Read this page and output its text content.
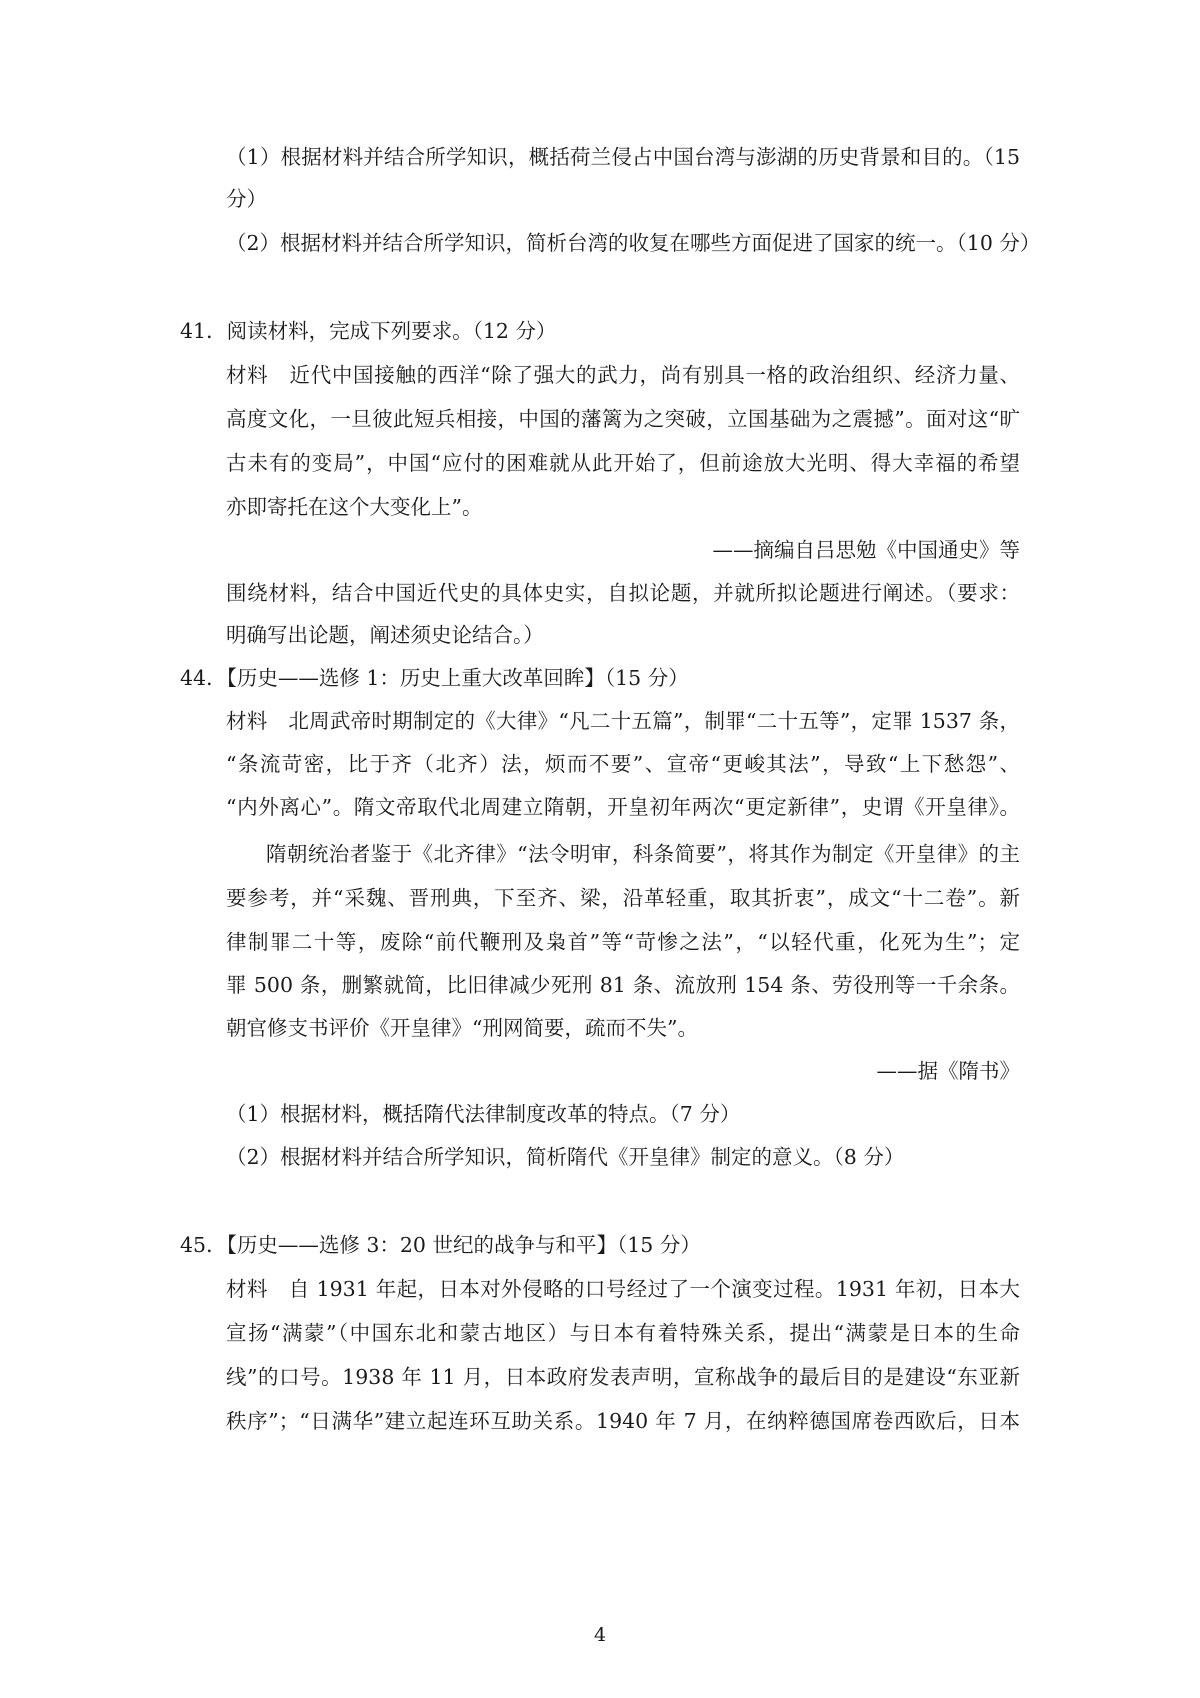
（1）根据材料并结合所学知识，概括荷兰侵占中国台湾与澎湖的历史背景和目的。（15
分）
（2）根据材料并结合所学知识，简析台湾的收复在哪些方面促进了国家的统一。（10 分）
41．阅读材料，完成下列要求。（12 分）
材料　近代中国接触的西洋“除了强大的武力，尚有别具一格的政治组织、经济力量、
高度文化，一旦彼此短兵相接，中国的藩篱为之突破，立国基础为之震撼”。面对这“旷
古未有的变局”，中国“应付的困难就从此开始了，但前途放大光明、得大幸福的希望
亦即寄托在这个大变化上”。
——摘编自吕思勉《中国通史》等
围绕材料，结合中国近代史的具体史实，自拟论题，并就所拟论题进行阐述。（要求：
明确写出论题，阐述须史论结合。）
44．【历史——选修 1：历史上重大改革回眸】（15 分）
材料　北周武帝时期制定的《大律》“凡二十五篇”，制罪“二十五等”，定罪 1537 条，
“条流苛密，比于齐（北齐）法，烦而不要”、宣帝“更峻其法”，导致“上下愁怨”、
“内外离心”。隋文帝取代北周建立隋朝，开皇初年两次“更定新律”，史谓《开皇律》。
隋朝统治者鉴于《北齐律》“法令明审，科条简要”，将其作为制定《开皇律》的主
要参考，并“采魏、晋刑典，下至齐、梁，沿革轻重，取其折衷”，成文“十二卷”。新
律制罪二十等，废除“前代鞭刑及枭首”等“苛惨之法”，“以轻代重，化死为生”；定
罪 500 条，删繁就简，比旧律减少死刑 81 条、流放刑 154 条、劳役刑等一千余条。
朝官修支书评价《开皇律》“刑网简要，疏而不失”。
——据《隋书》
（1）根据材料，概括隋代法律制度改革的特点。（7 分）
（2）根据材料并结合所学知识，简析隋代《开皇律》制定的意义。（8 分）
45．【历史——选修 3：20 世纪的战争与和平】（15 分）
材料　自 1931 年起，日本对外侵略的口号经过了一个演变过程。1931 年初，日本大
宣扬“满蒙”（中国东北和蒙古地区）与日本有着特殊关系，提出“满蒙是日本的生命
线”的口号。1938 年 11 月，日本政府发表声明，宣称战争的最后目的是建设“东亚新
秩序”；“日满华”建立起连环互助关系。1940 年 7 月，在纳粹德国席卷西欧后，日本
4
